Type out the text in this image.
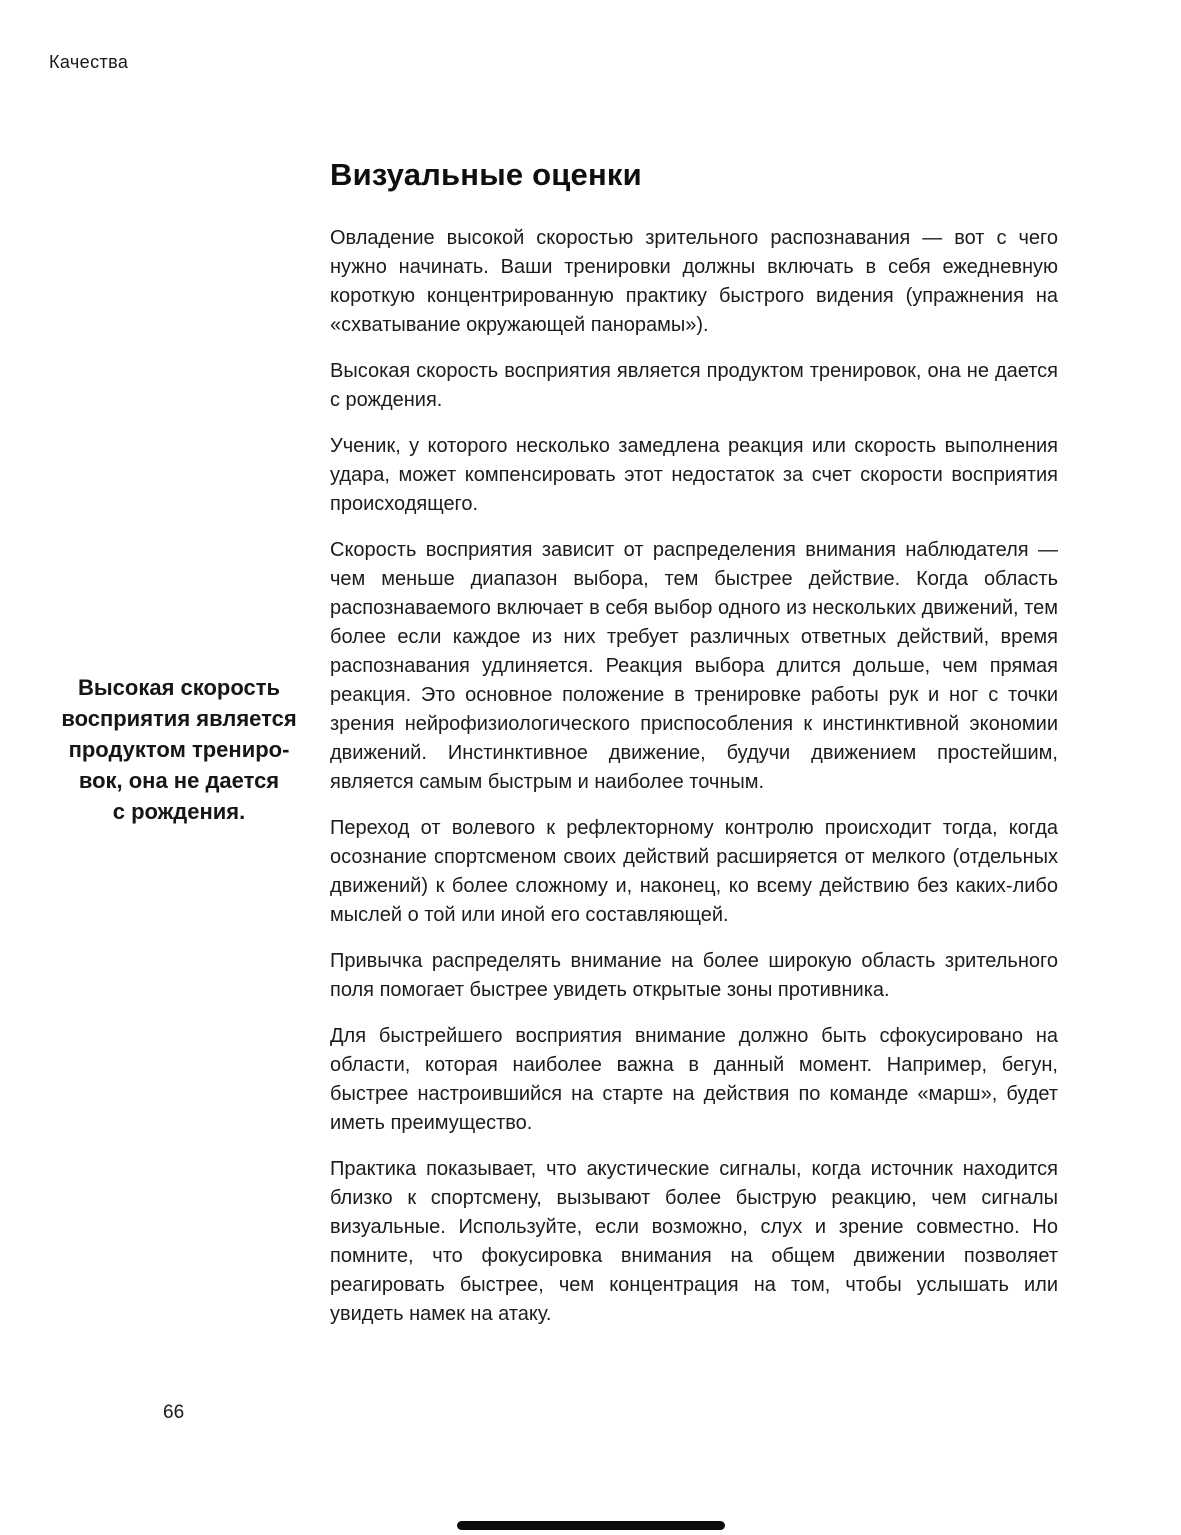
Качества
Высокая скорость
восприятия является
продуктом трениро-
вок, она не дается
с рождения.
Визуальные оценки

Овладение высокой скоростью зрительного распознавания — вот с чего нужно начинать. Ваши тренировки должны включать в себя ежедневную короткую концентрированную практику быстрого видения (упражнения на «схватывание окружающей панорамы»).

Высокая скорость восприятия является продуктом тренировок, она не дается с рождения.

Ученик, у которого несколько замедлена реакция или скорость выполнения удара, может компенсировать этот недостаток за счет скорости восприятия происходящего.

Скорость восприятия зависит от распределения внимания наблюдателя — чем меньше диапазон выбора, тем быстрее действие. Когда область распознаваемого включает в себя выбор одного из нескольких движений, тем более если каждое из них требует различных ответных действий, время распознавания удлиняется. Реакция выбора длится дольше, чем прямая реакция. Это основное положение в тренировке работы рук и ног с точки зрения нейрофизиологического приспособления к инстинктивной экономии движений. Инстинктивное движение, будучи движением простейшим, является самым быстрым и наиболее точным.

Переход от волевого к рефлекторному контролю происходит тогда, когда осознание спортсменом своих действий расширяется от мелкого (отдельных движений) к более сложному и, наконец, ко всему действию без каких-либо мыслей о той или иной его составляющей.

Привычка распределять внимание на более широкую область зрительного поля помогает быстрее увидеть открытые зоны противника.

Для быстрейшего восприятия внимание должно быть сфокусировано на области, которая наиболее важна в данный момент. Например, бегун, быстрее настроившийся на старте на действия по команде «марш», будет иметь преимущество.

Практика показывает, что акустические сигналы, когда источник находится близко к спортсмену, вызывают более быструю реакцию, чем сигналы визуальные. Используйте, если возможно, слух и зрение совместно. Но помните, что фокусировка внимания на общем движении позволяет реагировать быстрее, чем концентрация на том, чтобы услышать или увидеть намек на атаку.

66
